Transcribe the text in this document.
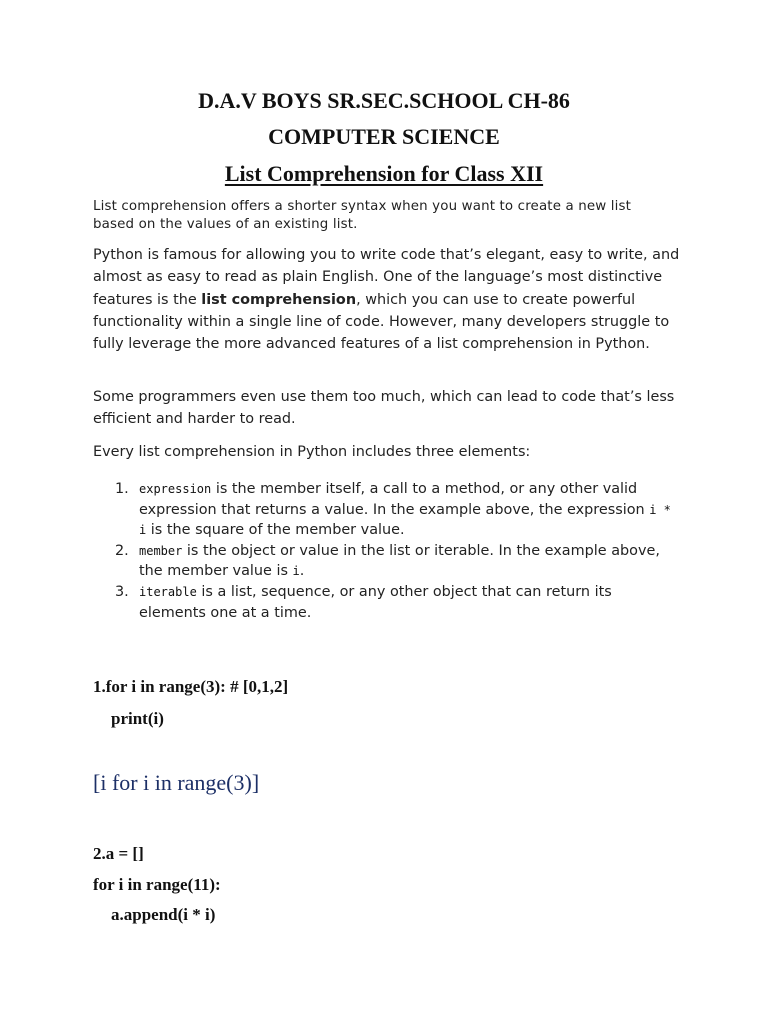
D.A.V BOYS SR.SEC.SCHOOL CH-86
COMPUTER SCIENCE
List Comprehension for Class XII
List comprehension offers a shorter syntax when you want to create a new list based on the values of an existing list.
Python is famous for allowing you to write code that’s elegant, easy to write, and almost as easy to read as plain English. One of the language’s most distinctive features is the list comprehension, which you can use to create powerful functionality within a single line of code. However, many developers struggle to fully leverage the more advanced features of a list comprehension in Python.
Some programmers even use them too much, which can lead to code that’s less efficient and harder to read.
Every list comprehension in Python includes three elements:
1. expression is the member itself, a call to a method, or any other valid expression that returns a value. In the example above, the expression i * i is the square of the member value.
2. member is the object or value in the list or iterable. In the example above, the member value is i.
3. iterable is a list, sequence, or any other object that can return its elements one at a time.
1.for i in range(3): # [0,1,2]
print(i)
[i for i in range(3)]
2.a = []
for i in range(11):
a.append(i * i)
